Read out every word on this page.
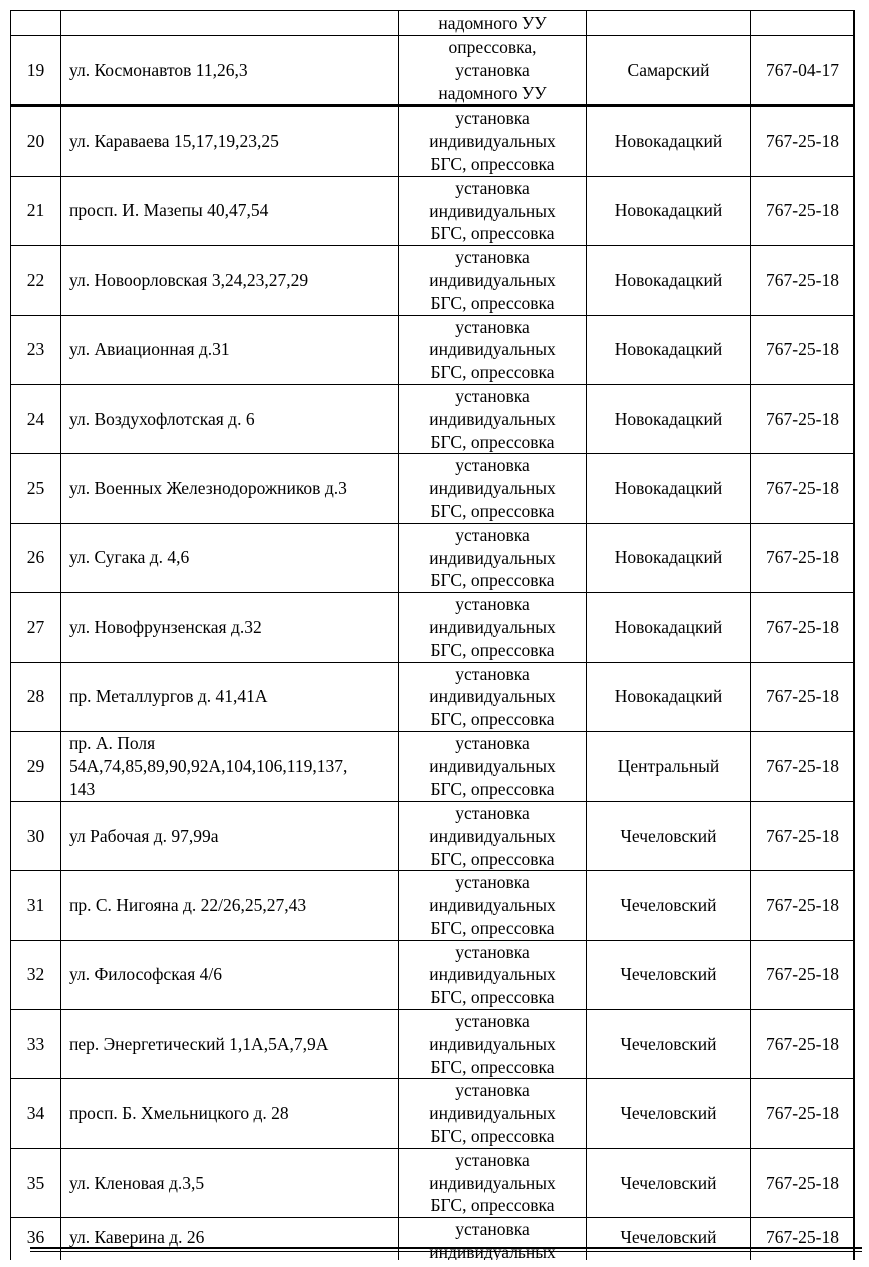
		надомного УУ		
19	ул. Космонавтов 11,26,3	опрессовка,
установка
надомного УУ	Самарский	767-04-17
20	ул. Караваева 15,17,19,23,25	установка
индивидуальных
БГС, опрессовка	Новокадацкий	767-25-18
21	просп. И. Мазепы 40,47,54	установка
индивидуальных
БГС, опрессовка	Новокадацкий	767-25-18
22	ул. Новоорловская 3,24,23,27,29	установка
индивидуальных
БГС, опрессовка	Новокадацкий	767-25-18
23	ул. Авиационная д.31	установка
индивидуальных
БГС, опрессовка	Новокадацкий	767-25-18
24	ул. Воздухофлотская д. 6	установка
индивидуальных
БГС, опрессовка	Новокадацкий	767-25-18
25	ул. Военных Железнодорожников д.3	установка
индивидуальных
БГС, опрессовка	Новокадацкий	767-25-18
26	ул. Сугака д. 4,6	установка
индивидуальных
БГС, опрессовка	Новокадацкий	767-25-18
27	ул. Новофрунзенская д.32	установка
индивидуальных
БГС, опрессовка	Новокадацкий	767-25-18
28	пр. Металлургов д. 41,41А	установка
индивидуальных
БГС, опрессовка	Новокадацкий	767-25-18
29	пр. А. Поля
54А,74,85,89,90,92А,104,106,119,137,
143	установка
индивидуальных
БГС, опрессовка	Центральный	767-25-18
30	ул Рабочая д. 97,99а	установка
индивидуальных
БГС, опрессовка	Чечеловский	767-25-18
31	пр. С. Нигояна д. 22/26,25,27,43	установка
индивидуальных
БГС, опрессовка	Чечеловский	767-25-18
32	ул. Философская 4/6	установка
индивидуальных
БГС, опрессовка	Чечеловский	767-25-18
33	пер. Энергетический 1,1А,5А,7,9А	установка
индивидуальных
БГС, опрессовка	Чечеловский	767-25-18
34	просп. Б. Хмельницкого д. 28	установка
индивидуальных
БГС, опрессовка	Чечеловский	767-25-18
35	ул. Кленовая д.3,5	установка
индивидуальных
БГС, опрессовка	Чечеловский	767-25-18
36	ул. Каверина д. 26	установка	Чечеловский	767-25-18
